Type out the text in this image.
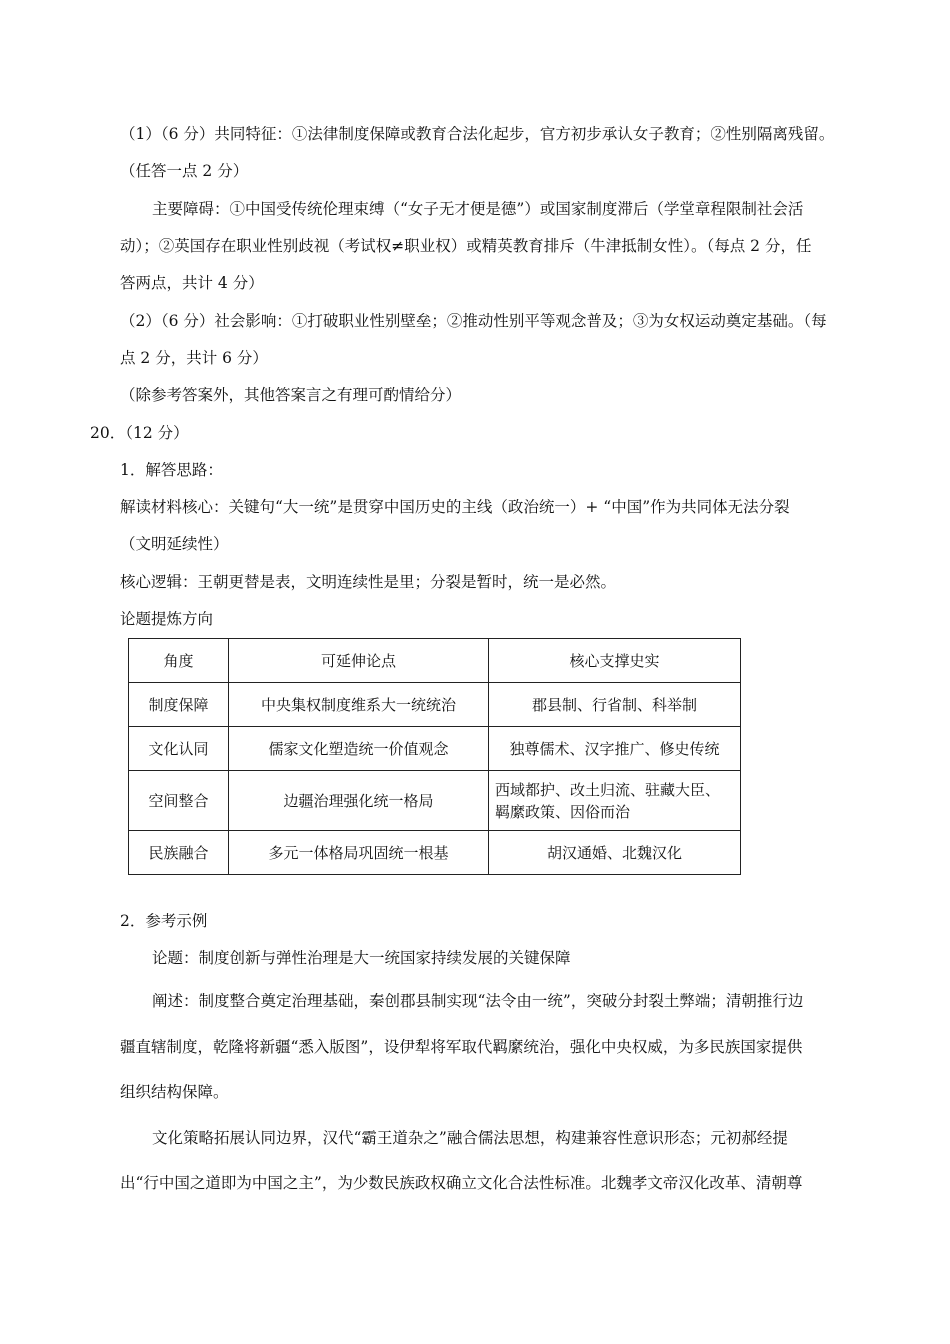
（1）（6 分）共同特征：①法律制度保障或教育合法化起步，官方初步承认女子教育；②性别隔离残留。
（任答一点 2 分）
主要障碍：①中国受传统伦理束缚（“女子无才便是德”）或国家制度滞后（学堂章程限制社会活
动）；②英国存在职业性别歧视（考试权≠职业权）或精英教育排斥（牛津抵制女性）。（每点 2 分，任
答两点，共计 4 分）
（2）（6 分）社会影响：①打破职业性别壁垒；②推动性别平等观念普及；③为女权运动奠定基础。（每
点 2 分，共计 6 分）
（除参考答案外，其他答案言之有理可酌情给分）
20．（12 分）
1．解答思路：
解读材料核心：关键句“大一统”是贯穿中国历史的主线（政治统一）+ “中国”作为共同体无法分裂
（文明延续性）
核心逻辑：王朝更替是表，文明连续性是里；分裂是暂时，统一是必然。
论题提炼方向
角度	可延伸论点	核心支撑史实
制度保障	中央集权制度维系大一统统治	郡县制、行省制、科举制
文化认同	儒家文化塑造统一价值观念	独尊儒术、汉字推广、修史传统
空间整合	边疆治理强化统一格局	西域都护、改土归流、驻藏大臣、
羁縻政策、因俗而治

民族融合	多元一体格局巩固统一根基	胡汉通婚、北魏汉化
2．参考示例
论题：制度创新与弹性治理是大一统国家持续发展的关键保障
阐述：制度整合奠定治理基础，秦创郡县制实现“法令由一统”，突破分封裂土弊端；清朝推行边
疆直辖制度，乾隆将新疆“悉入版图”，设伊犁将军取代羁縻统治，强化中央权威，为多民族国家提供
组织结构保障。
文化策略拓展认同边界，汉代“霸王道杂之”融合儒法思想，构建兼容性意识形态；元初郝经提
出“行中国之道即为中国之主”，为少数民族政权确立文化合法性标准。北魏孝文帝汉化改革、清朝尊
